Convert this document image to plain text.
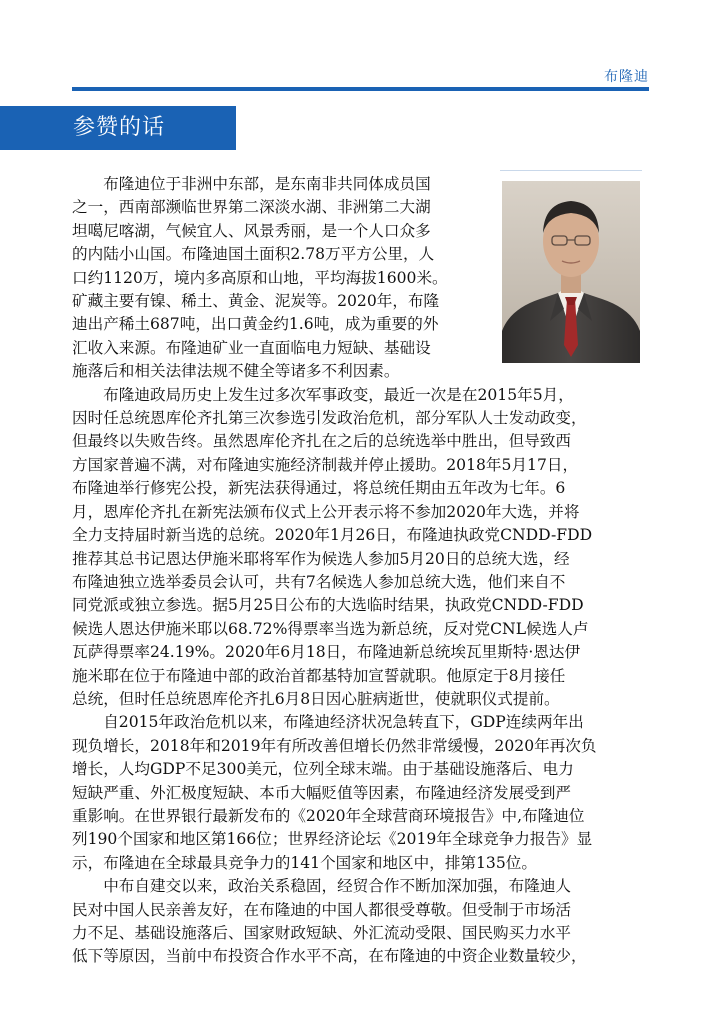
布隆迪
参赞的话

布隆迪位于非洲中东部，是东南非共同体成员国
之一，西南部濒临世界第二深淡水湖、非洲第二大湖
坦噶尼喀湖，气候宜人、风景秀丽，是一个人口众多
的内陆小山国。布隆迪国土面积2.78万平方公里，人
口约1120万，境内多高原和山地，平均海拔1600米。
矿藏主要有镍、稀土、黄金、泥炭等。2020年，布隆
迪出产稀土687吨，出口黄金约1.6吨，成为重要的外
汇收入来源。布隆迪矿业一直面临电力短缺、基础设
施落后和相关法律法规不健全等诸多不利因素。

布隆迪政局历史上发生过多次军事政变，最近一次是在2015年5月，
因时任总统恩库伦齐扎第三次参选引发政治危机，部分军队人士发动政变，
但最终以失败告终。虽然恩库伦齐扎在之后的总统选举中胜出，但导致西
方国家普遍不满，对布隆迪实施经济制裁并停止援助。2018年5月17日，
布隆迪举行修宪公投，新宪法获得通过，将总统任期由五年改为七年。6
月，恩库伦齐扎在新宪法颁布仪式上公开表示将不参加2020年大选，并将
全力支持届时新当选的总统。2020年1月26日，布隆迪执政党CNDD-FDD
推荐其总书记恩达伊施米耶将军作为候选人参加5月20日的总统大选，经
布隆迪独立选举委员会认可，共有7名候选人参加总统大选，他们来自不
同党派或独立参选。据5月25日公布的大选临时结果，执政党CNDD-FDD
候选人恩达伊施米耶以68.72%得票率当选为新总统，反对党CNL候选人卢
瓦萨得票率24.19%。2020年6月18日，布隆迪新总统埃瓦里斯特·恩达伊
施米耶在位于布隆迪中部的政治首都基特加宣誓就职。他原定于8月接任
总统，但时任总统恩库伦齐扎6月8日因心脏病逝世，使就职仪式提前。

自2015年政治危机以来，布隆迪经济状况急转直下，GDP连续两年出
现负增长，2018年和2019年有所改善但增长仍然非常缓慢，2020年再次负
增长，人均GDP不足300美元，位列全球末端。由于基础设施落后、电力
短缺严重、外汇极度短缺、本币大幅贬值等因素，布隆迪经济发展受到严
重影响。在世界银行最新发布的《2020年全球营商环境报告》中,布隆迪位
列190个国家和地区第166位；世界经济论坛《2019年全球竞争力报告》显
示，布隆迪在全球最具竞争力的141个国家和地区中，排第135位。

中布自建交以来，政治关系稳固，经贸合作不断加深加强，布隆迪人
民对中国人民亲善友好，在布隆迪的中国人都很受尊敬。但受制于市场活
力不足、基础设施落后、国家财政短缺、外汇流动受限、国民购买力水平
低下等原因，当前中布投资合作水平不高，在布隆迪的中资企业数量较少，
